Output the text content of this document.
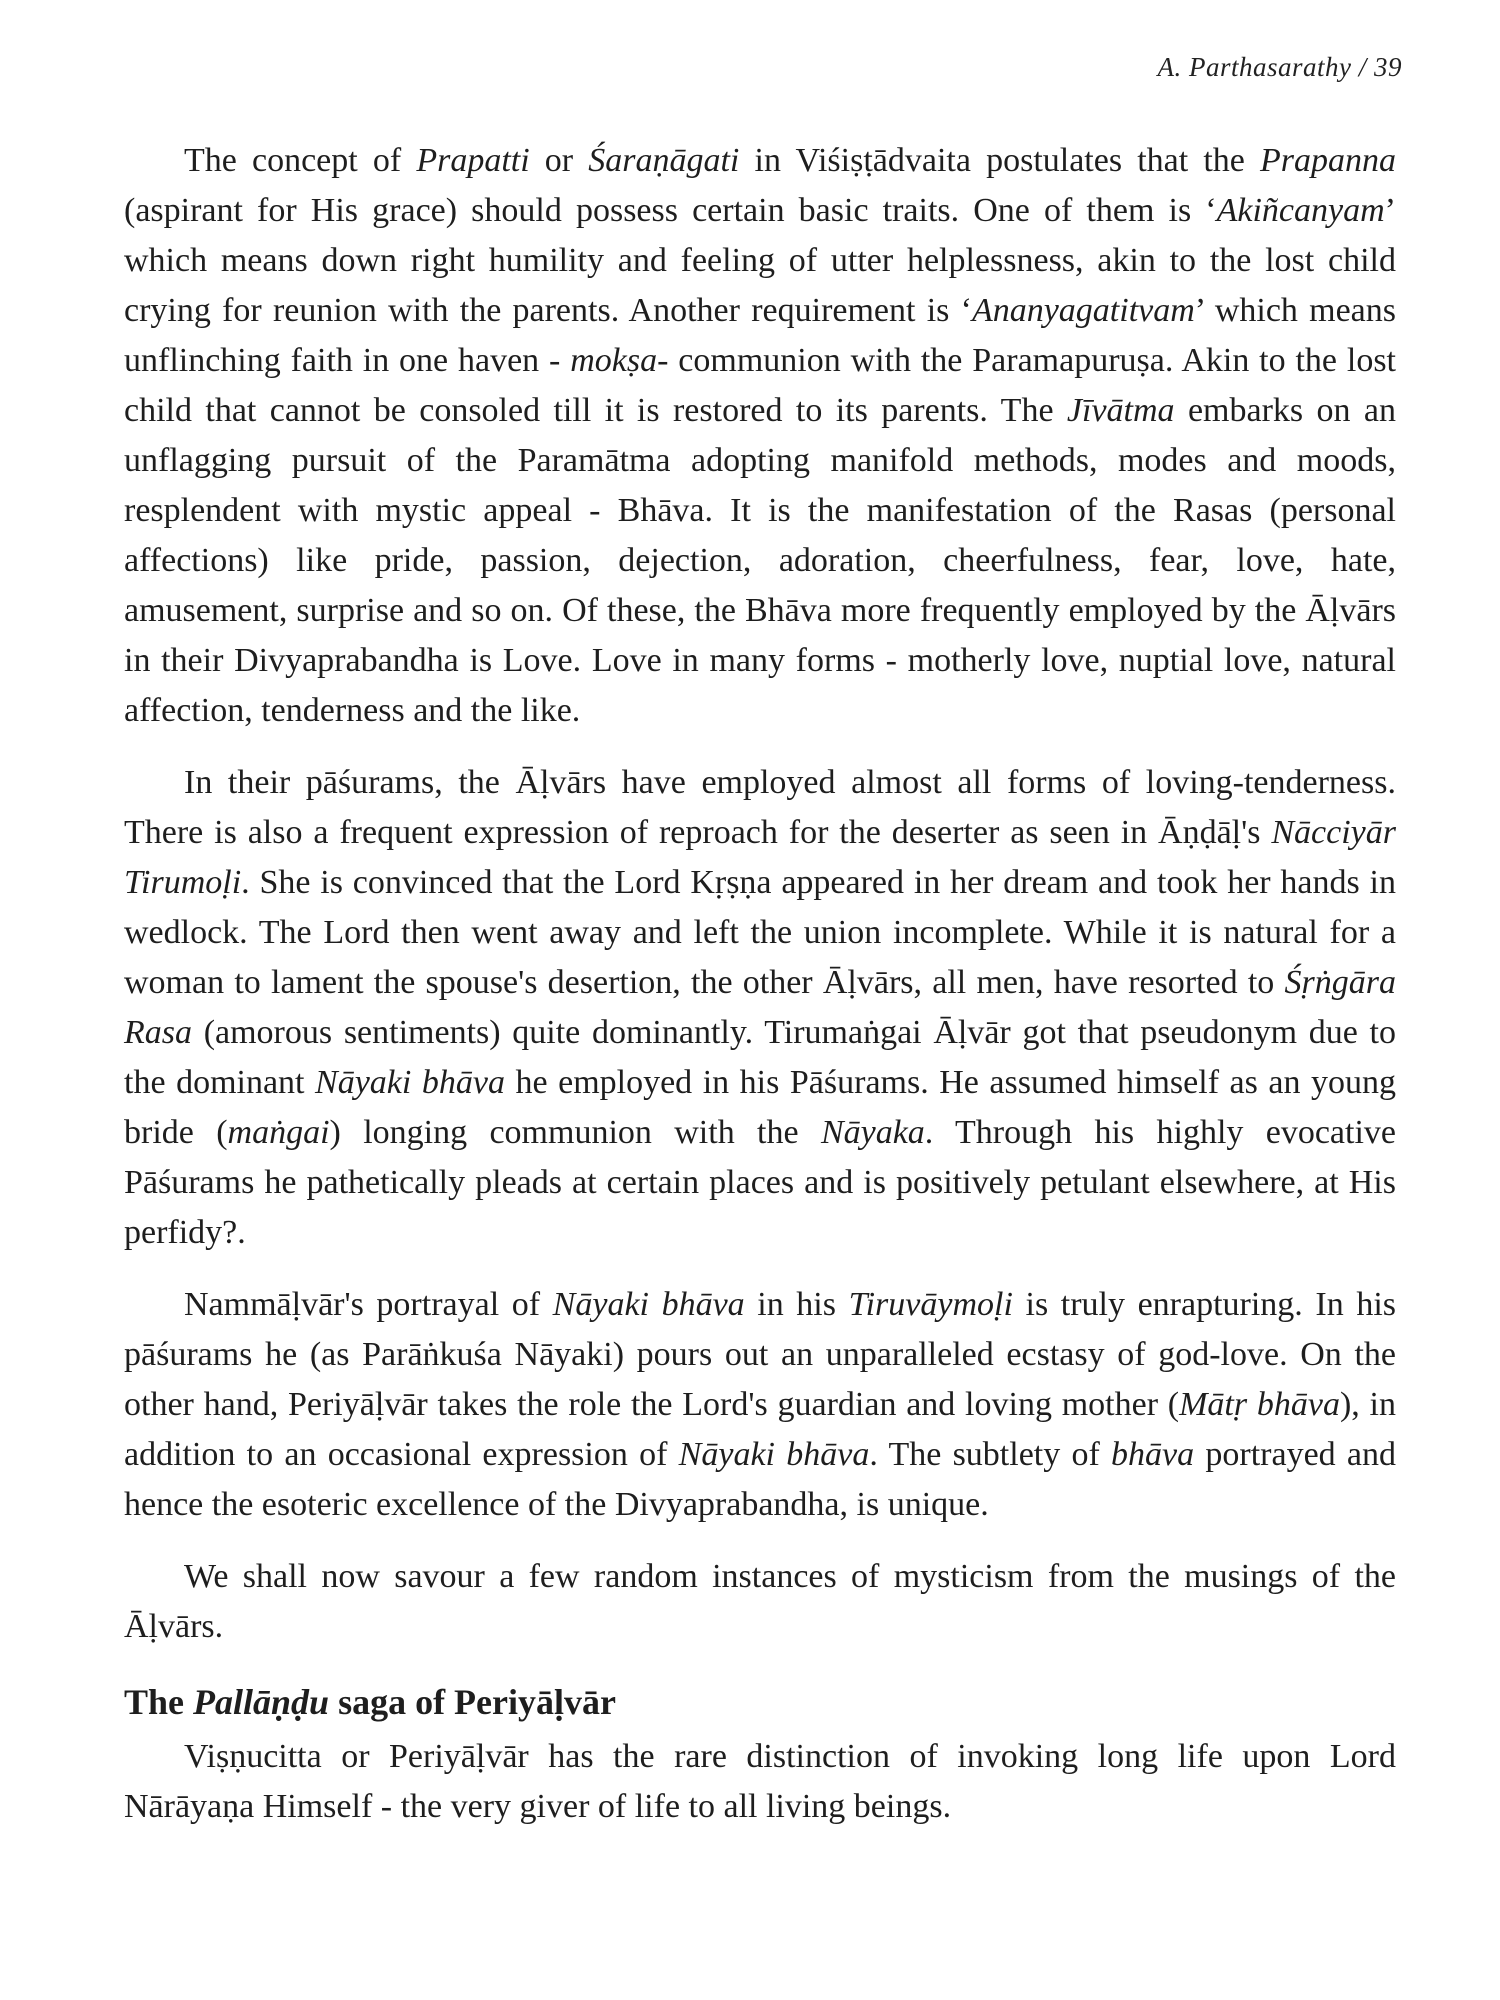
A. Parthasarathy / 39

The concept of Prapatti or Śaraṇāgati in Viśiṣṭādvaita postulates that the Prapanna (aspirant for His grace) should possess certain basic traits. One of them is ‘Akiñcanyam’ which means down right humility and feeling of utter helplessness, akin to the lost child crying for reunion with the parents. Another requirement is ‘Ananyagatitvam’ which means unflinching faith in one haven - mokṣa- communion with the Paramapuruṣa. Akin to the lost child that cannot be consoled till it is restored to its parents. The Jīvātma embarks on an unflagging pursuit of the Paramātma adopting manifold methods, modes and moods, resplendent with mystic appeal - Bhāva. It is the manifestation of the Rasas (personal affections) like pride, passion, dejection, adoration, cheerfulness, fear, love, hate, amusement, surprise and so on. Of these, the Bhāva more frequently employed by the Āḷvārs in their Divyaprabandha is Love. Love in many forms - motherly love, nuptial love, natural affection, tenderness and the like.

In their pāśurams, the Āḷvārs have employed almost all forms of loving-tenderness. There is also a frequent expression of reproach for the deserter as seen in Āṇḍāḷ's Nācciyār Tirumoḷi. She is convinced that the Lord Kṛṣṇa appeared in her dream and took her hands in wedlock. The Lord then went away and left the union incomplete. While it is natural for a woman to lament the spouse's desertion, the other Āḷvārs, all men, have resorted to Śṛṅgāra Rasa (amorous sentiments) quite dominantly. Tirumaṅgai Āḷvār got that pseudonym due to the dominant Nāyaki bhāva he employed in his Pāśurams. He assumed himself as an young bride (maṅgai) longing communion with the Nāyaka. Through his highly evocative Pāśurams he pathetically pleads at certain places and is positively petulant elsewhere, at His perfidy?.

Nammāḷvār's portrayal of Nāyaki bhāva in his Tiruvāymoḷi is truly enrapturing. In his pāśurams he (as Parāṅkuśa Nāyaki) pours out an unparalleled ecstasy of god-love. On the other hand, Periyāḷvār takes the role the Lord's guardian and loving mother (Mātṛ bhāva), in addition to an occasional expression of Nāyaki bhāva. The subtlety of bhāva portrayed and hence the esoteric excellence of the Divyaprabandha, is unique.

We shall now savour a few random instances of mysticism from the musings of the Āḷvārs.

The Pallāṇḍu saga of Periyāḷvār

Viṣṇucitta or Periyāḷvār has the rare distinction of invoking long life upon Lord Nārāyaṇa Himself - the very giver of life to all living beings.
